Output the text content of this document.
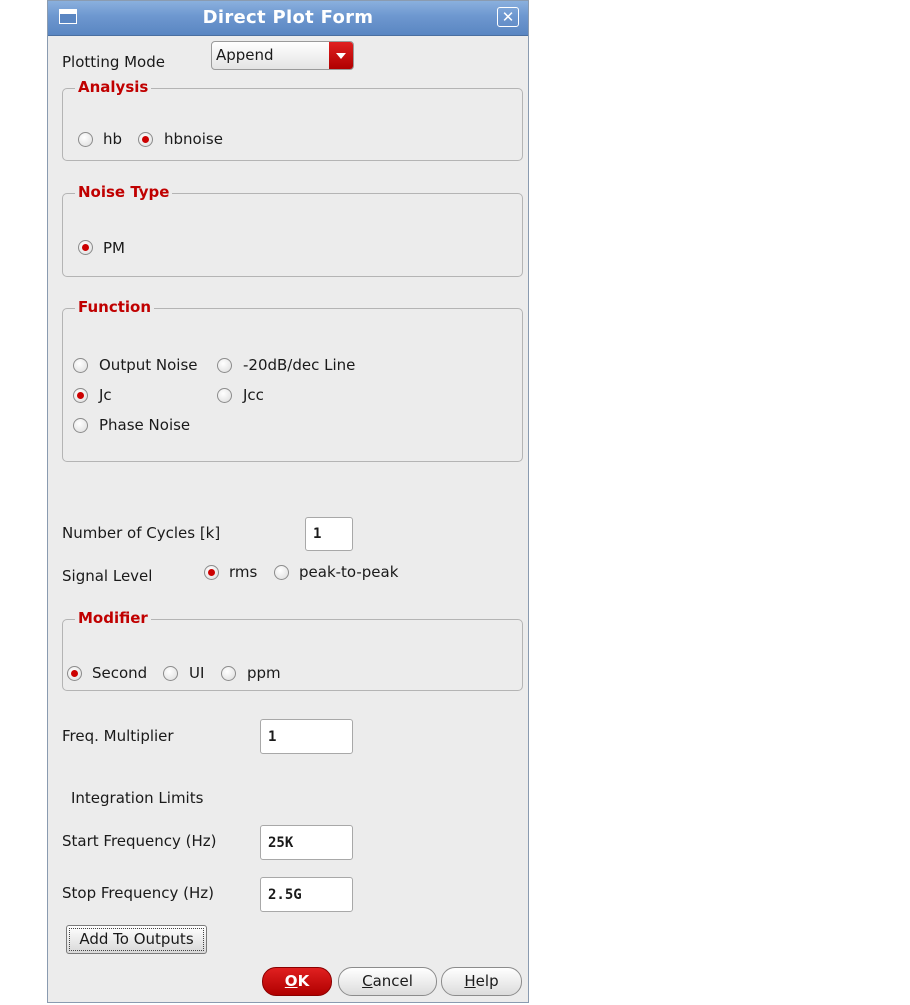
Direct Plot Form	✕
Plotting Mode	Append
Analysis
hb	hbnoise
Noise Type
PM
Function
Output Noise	-20dB/dec Line
Jc	Jcc
Phase Noise
Number of Cycles [k]
1
Signal Level	rms	peak-to-peak
Modifier
Second	UI	ppm
Freq. Multiplier
1
Integration Limits
Start Frequency (Hz)
25K
Stop Frequency (Hz)
2.5G
Add To Outputs
OK	Cancel	Help
